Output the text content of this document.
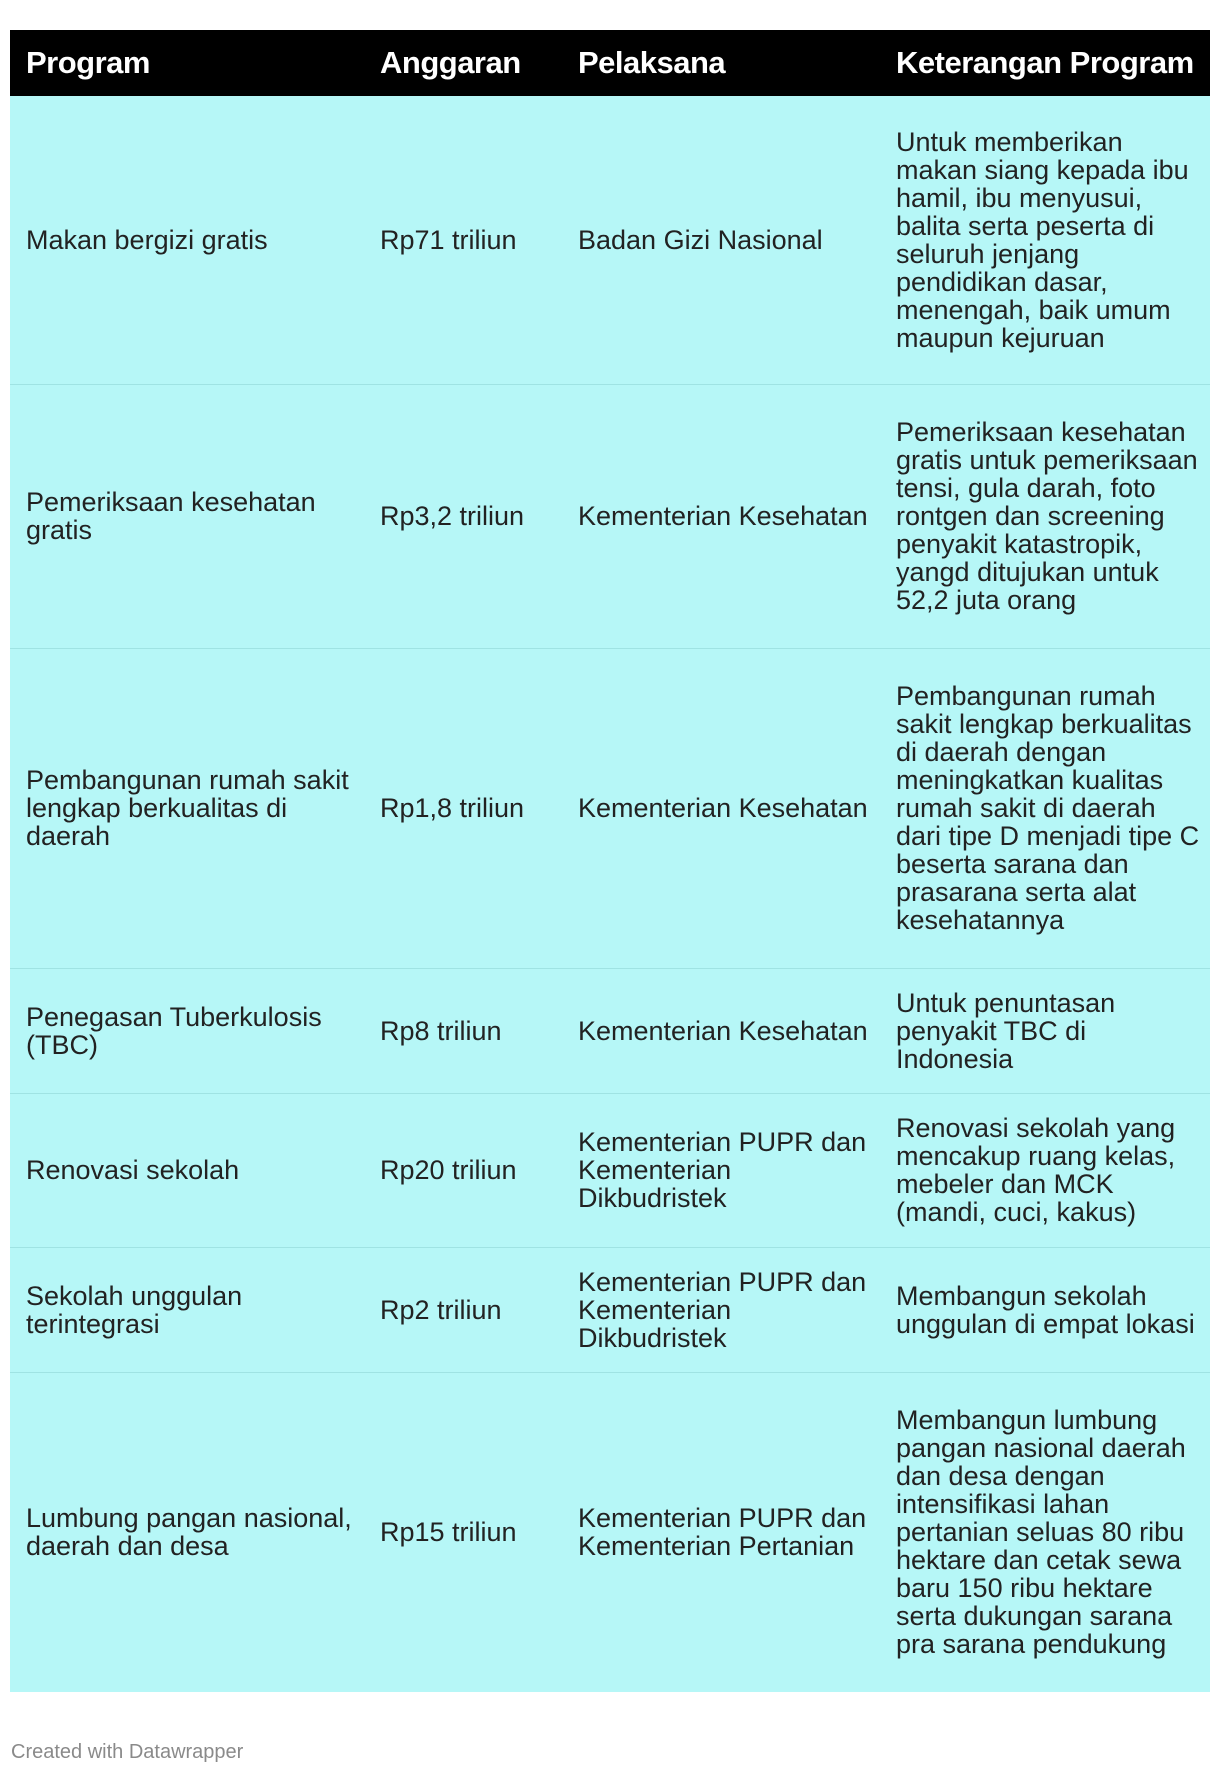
Program	Anggaran	Pelaksana	Keterangan Program
Makan bergizi gratis	Rp71 triliun	Badan Gizi Nasional	Untuk memberikan makan siang kepada ibu hamil, ibu menyusui, balita serta peserta di seluruh jenjang pendidikan dasar, menengah, baik umum maupun kejuruan
Pemeriksaan kesehatan gratis	Rp3,2 triliun	Kementerian Kesehatan	Pemeriksaan kesehatan gratis untuk pemeriksaan tensi, gula darah, foto rontgen dan screening penyakit katastropik, yangd ditujukan untuk 52,2 juta orang
Pembangunan rumah sakit lengkap berkualitas di daerah	Rp1,8 triliun	Kementerian Kesehatan	Pembangunan rumah sakit lengkap berkualitas di daerah dengan meningkatkan kualitas rumah sakit di daerah dari tipe D menjadi tipe C beserta sarana dan prasarana serta alat kesehatannya
Penegasan Tuberkulosis (TBC)	Rp8 triliun	Kementerian Kesehatan	Untuk penuntasan penyakit TBC di Indonesia
Renovasi sekolah	Rp20 triliun	Kementerian PUPR dan Kementerian Dikbudristek	Renovasi sekolah yang mencakup ruang kelas, mebeler dan MCK (mandi, cuci, kakus)
Sekolah unggulan terintegrasi	Rp2 triliun	Kementerian PUPR dan Kementerian Dikbudristek	Membangun sekolah unggulan di empat lokasi
Lumbung pangan nasional, daerah dan desa	Rp15 triliun	Kementerian PUPR dan Kementerian Pertanian	Membangun lumbung pangan nasional daerah dan desa dengan intensifikasi lahan pertanian seluas 80 ribu hektare dan cetak sewa baru 150 ribu hektare serta dukungan sarana pra sarana pendukung
Created with Datawrapper
